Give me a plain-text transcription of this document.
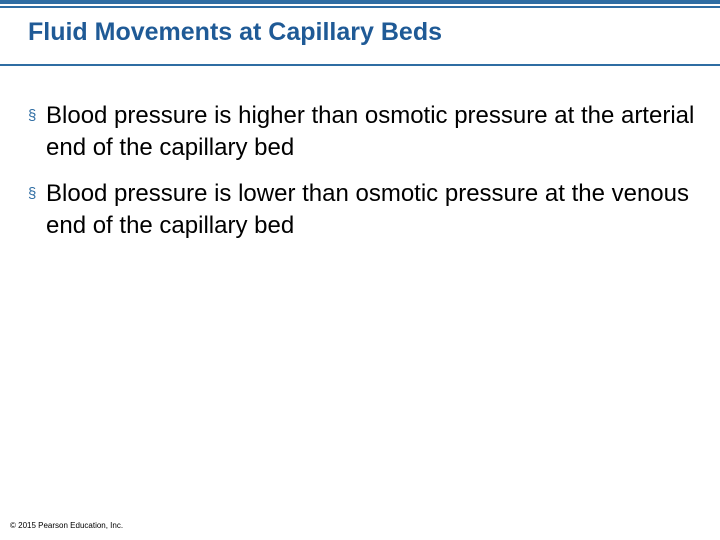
Fluid Movements at Capillary Beds
§ Blood pressure is higher than osmotic pressure at the arterial end of the capillary bed
§ Blood pressure is lower than osmotic pressure at the venous end of the capillary bed
© 2015 Pearson Education, Inc.
